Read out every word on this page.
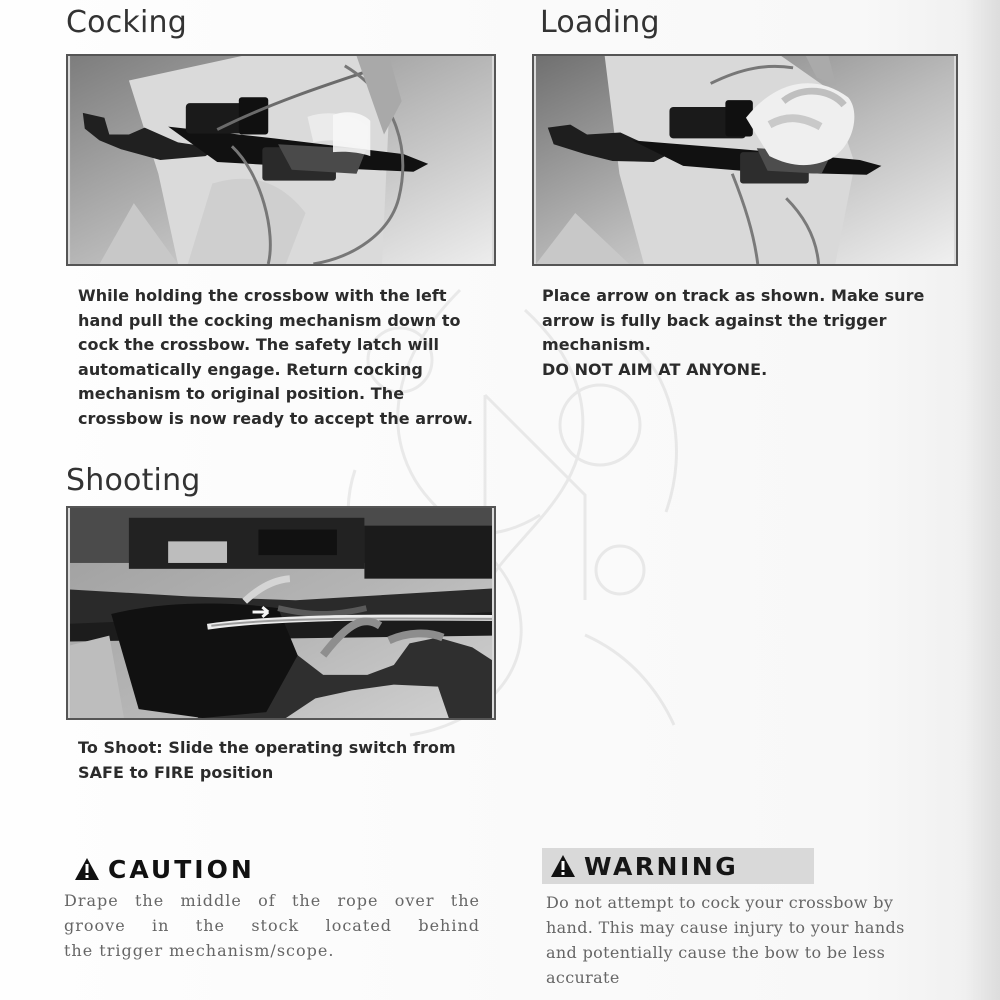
Cocking	Loading
Shooting
While holding the crossbow with the left
hand pull the cocking mechanism down to
cock the crossbow. The safety latch will
automatically engage. Return cocking
mechanism to original position. The
crossbow is now ready to accept the arrow.
Place arrow on track as shown. Make sure
arrow is fully back against the trigger
mechanism.
DO NOT AIM AT ANYONE.
To Shoot: Slide the operating switch from
SAFE to FIRE position
CAUTION
Drape the middle of the rope over the
groove in the stock located behind
the trigger mechanism/scope.
WARNING
Do not attempt to cock your crossbow by
hand. This may cause injury to your hands
and potentially cause the bow to be less
accurate
